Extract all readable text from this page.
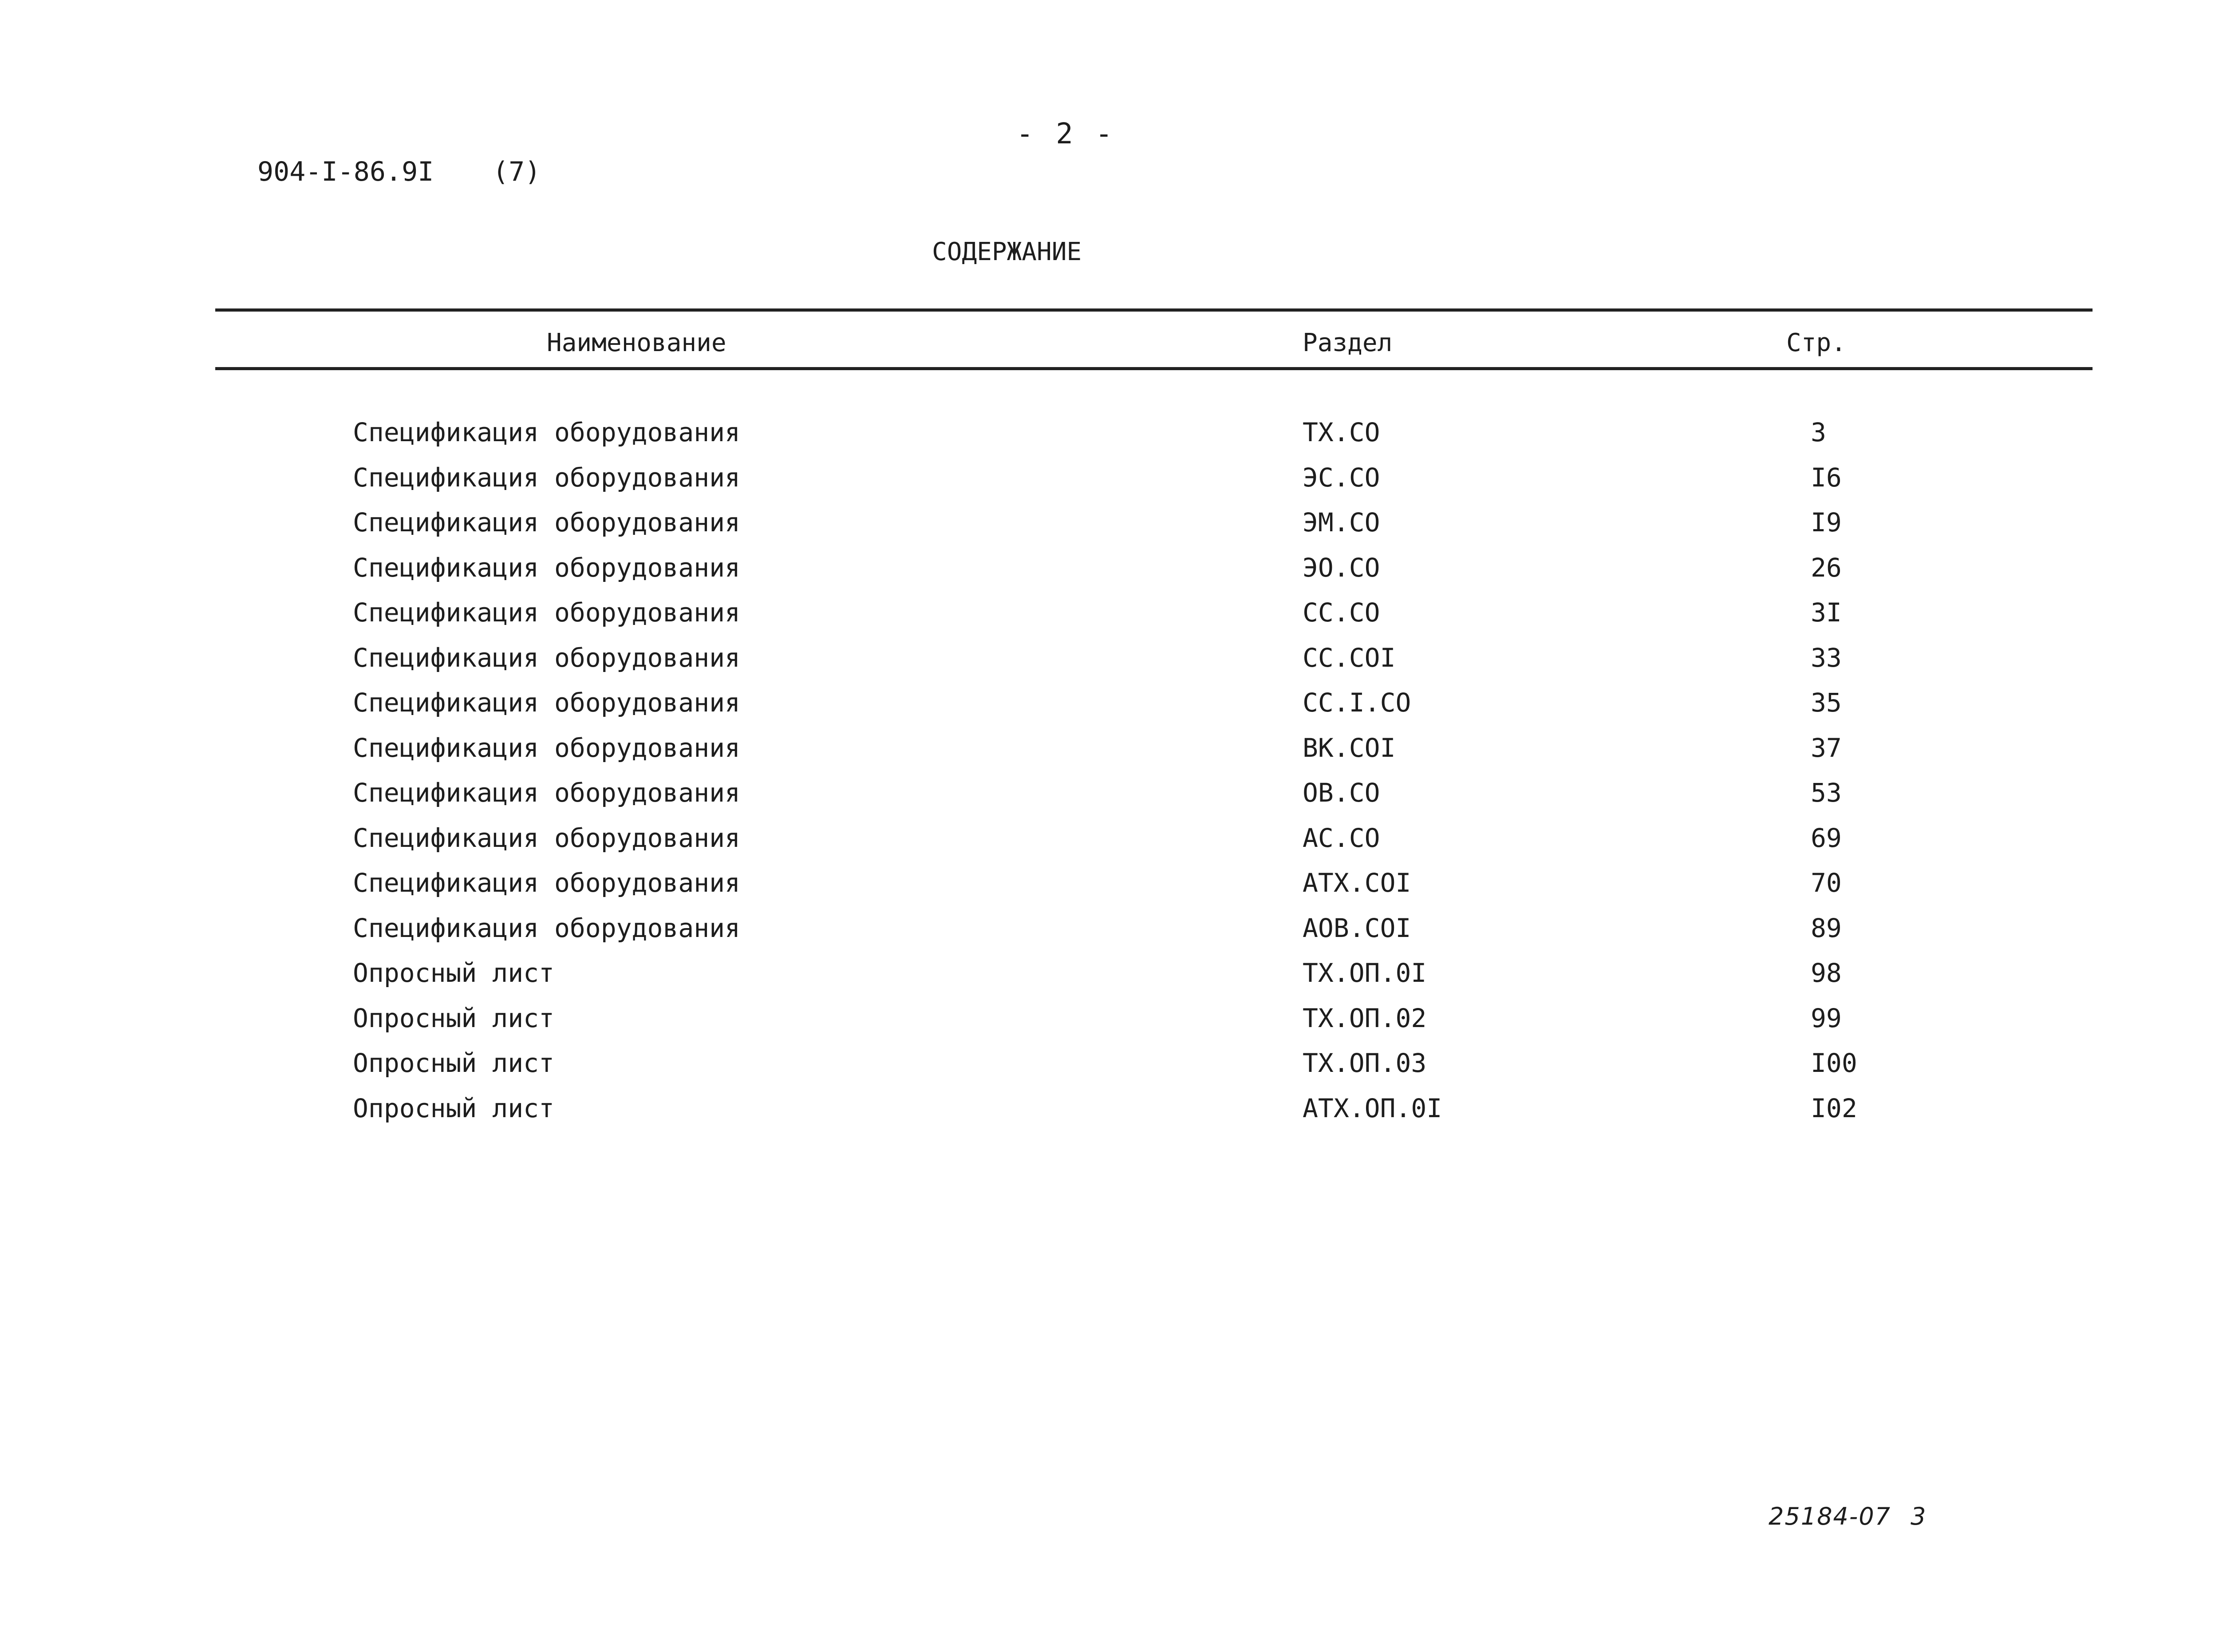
- 2 -
904-I-86.9I (7)
СОДЕРЖАНИЕ
Наименование	Раздел	Стр.
Спецификация оборудования	ТХ.СО	3
Спецификация оборудования	ЭС.СО	I6
Спецификация оборудования	ЭМ.СО	I9
Спецификация оборудования	ЭО.СО	26
Спецификация оборудования	СС.СО	3I
Спецификация оборудования	СС.СОI	33
Спецификация оборудования	СС.I.СО	35
Спецификация оборудования	ВК.СОI	37
Спецификация оборудования	ОВ.СО	53
Спецификация оборудования	АС.СО	69
Спецификация оборудования	АТХ.СОI	70
Спецификация оборудования	АОВ.СОI	89
Опросный лист	ТХ.ОП.0I	98
Опросный лист	ТХ.ОП.02	99
Опросный лист	ТХ.ОП.03	I00
Опросный лист	АТХ.ОП.0I	I02
25184-07 3
